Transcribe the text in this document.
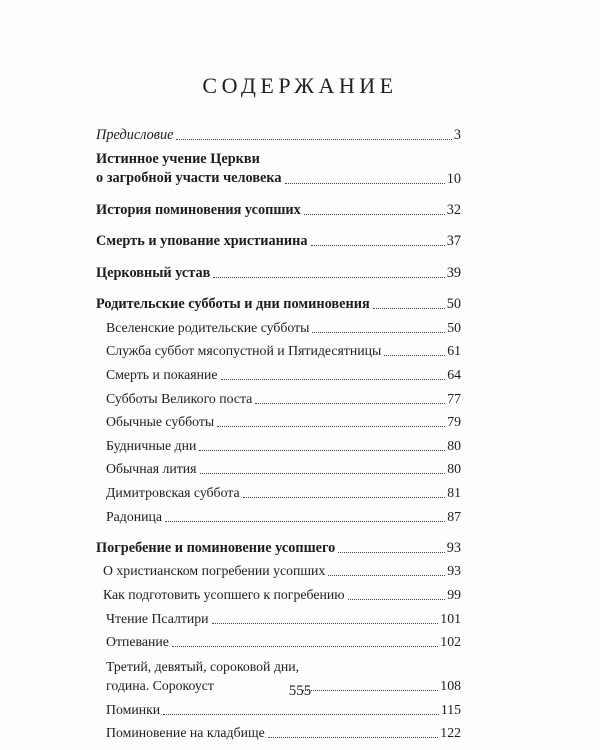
СОДЕРЖАНИЕ
Предисловие	3
Истинное учение Церкви
о загробной участи человека	10
История поминовения усопших	32
Смерть и упование христианина	37
Церковный устав	39
Родительские субботы и дни поминовения	50
Вселенские родительские субботы	50
Служба суббот мясопустной и Пятидесятницы	61
Смерть и покаяние	64
Субботы Великого поста	77
Обычные субботы	79
Будничные дни	80
Обычная лития	80
Димитровская суббота	81
Радоница	87
Погребение и поминовение усопшего	93
О христианском погребении усопших	93
Как подготовить усопшего к погребению	99
Чтение Псалтири	101
Отпевание	102
Третий, девятый, сороковой дни,
година. Сорокоуст	108
Поминки	115
Поминовение на кладбище	122
555
